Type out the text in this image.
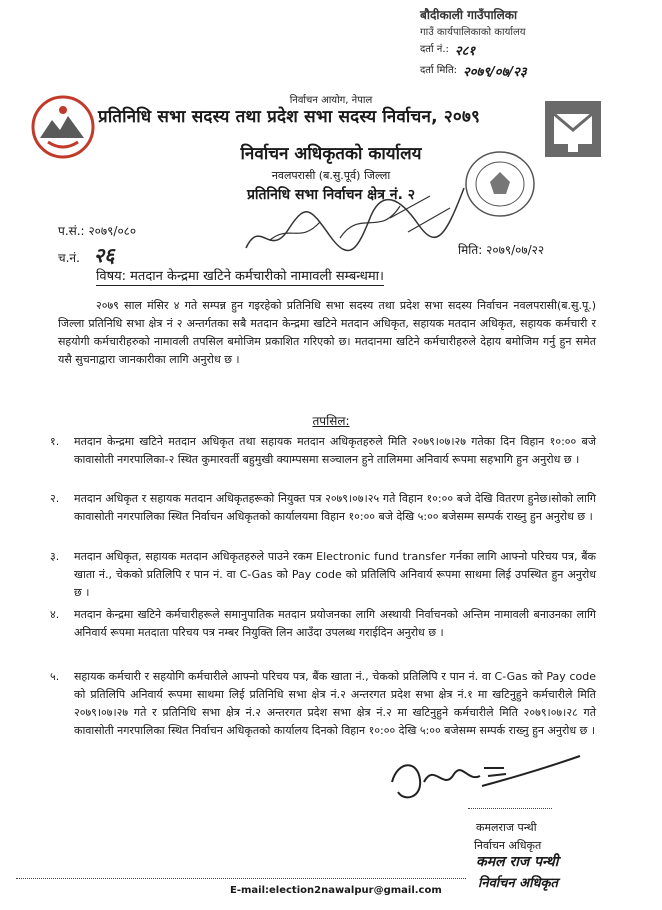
बौदीकाली गाउँपालिका
गाउँ कार्यपालिकाको कार्यालय
दर्ता नं.: २८१
दर्ता मिति: २०७९/०७/२३
निर्वाचन आयोग, नेपाल
प्रतिनिधि सभा सदस्य तथा प्रदेश सभा सदस्य निर्वाचन, २०७९
निर्वाचन अधिकृतको कार्यालय
नवलपरासी (ब.सु.पूर्व) जिल्ला
प्रतिनिधि सभा निर्वाचन क्षेत्र नं. २
प.सं.: २०७९/०८०
च.नं. २६	मिति: २०७९/०७/२२
विषय: मतदान केन्द्रमा खटिने कर्मचारीको नामावली सम्बन्धमा।
२०७९ साल मंसिर ४ गते सम्पन्न हुन गइरहेको प्रतिनिधि सभा सदस्य तथा प्रदेश सभा सदस्य निर्वाचन नवलपरासी(ब.सु.पू.) जिल्ला प्रतिनिधि सभा क्षेत्र नं २ अन्तर्गतका सबै मतदान केन्द्रमा खटिने मतदान अधिकृत, सहायक मतदान अधिकृत, सहायक कर्मचारी र सहयोगी कर्मचारीहरुको नामावली तपसिल बमोजिम प्रकाशित गरिएको छ। मतदानमा खटिने कर्मचारीहरुले देहाय बमोजिम गर्नु हुन समेत यसै सुचनाद्वारा जानकारीका लागि अनुरोध छ ।
तपसिल:
१.	मतदान केन्द्रमा खटिने मतदान अधिकृत तथा सहायक मतदान अधिकृतहरुले मिति २०७९।०७।२७ गतेका दिन विहान १०:०० बजे कावासोती नगरपालिका-२ स्थित कुमारवर्ती बहुमुखी क्याम्पसमा सञ्चालन हुने तालिममा अनिवार्य रूपमा सहभागि हुन अनुरोध छ ।
२.	मतदान अधिकृत र सहायक मतदान अधिकृतहरूको नियुक्त पत्र २०७९।०७।२५ गते विहान १०:०० बजे देखि वितरण हुनेछ।सोको लागि कावासोती नगरपालिका स्थित निर्वाचन अधिकृतको कार्यालयमा विहान १०:०० बजे देखि ५:०० बजेसम्म सम्पर्क राख्नु हुन अनुरोध छ ।
३.	मतदान अधिकृत, सहायक मतदान अधिकृतहरुले पाउने रकम Electronic fund transfer गर्नका लागि आफ्नो परिचय पत्र, बैंक खाता नं., चेकको प्रतिलिपि र पान नं. वा C-Gas को Pay code को प्रतिलिपि अनिवार्य रूपमा साथमा लिई उपस्थित हुन अनुरोध छ ।
४.	मतदान केन्द्रमा खटिने कर्मचारीहरूले समानुपातिक मतदान प्रयोजनका लागि अस्थायी निर्वाचनको अन्तिम नामावली बनाउनका लागि अनिवार्य रूपमा मतदाता परिचय पत्र नम्बर नियुक्ति लिन आउँदा उपलब्ध गराईदिन अनुरोध छ ।
५.	सहायक कर्मचारी र सहयोगि कर्मचारीले आफ्नो परिचय पत्र, बैंक खाता नं., चेकको प्रतिलिपि र पान नं. वा C-Gas को Pay code को प्रतिलिपि अनिवार्य रूपमा साथमा लिई प्रतिनिधि सभा क्षेत्र नं.२ अन्तरगत प्रदेश सभा क्षेत्र नं.१ मा खटिनुहुने कर्मचारीले मिति २०७९।०७।२७ गते र प्रतिनिधि सभा क्षेत्र नं.२ अन्तरगत प्रदेश सभा क्षेत्र नं.२ मा खटिनुहुने कर्मचारीले मिति २०७९।०७।२८ गते कावासोती नगरपालिका स्थित निर्वाचन अधिकृतको कार्यालय दिनको विहान १०:०० देखि ५:०० बजेसम्म सम्पर्क राख्नु हुन अनुरोध छ ।
कमलराज पन्थी
निर्वाचन अधिकृत
कमल राज पन्थी
निर्वाचन अधिकृत
E-mail:election2nawalpur@gmail.com
